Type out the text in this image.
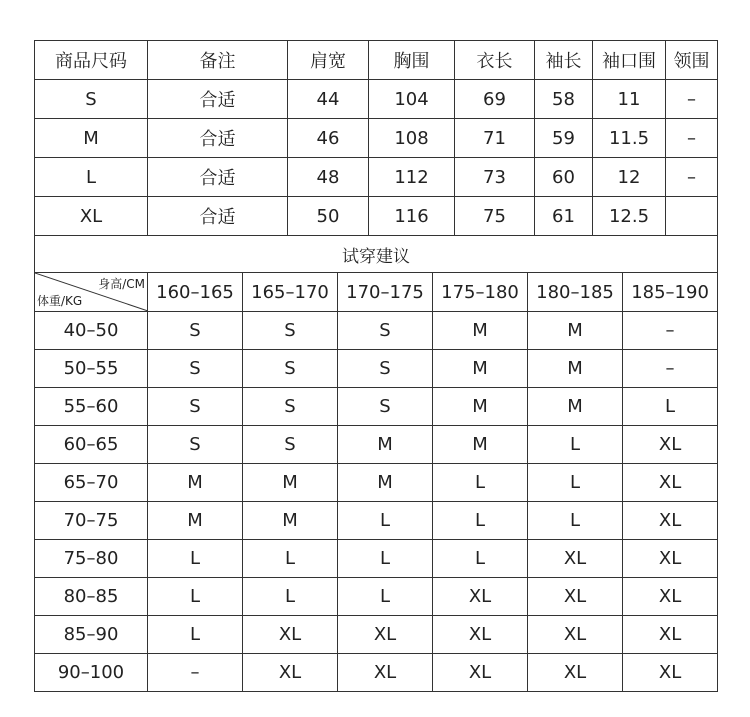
商品尺码	备注	肩宽	胸围	衣长	袖长	袖口围	领围
S	合适	44	104	69	58	11	–
M	合适	46	108	71	59	11.5	–
L	合适	48	112	73	60	12	–
XL	合适	50	116	75	61	12.5	
试穿建议						

身高/CM
体重/KG	160–165	165–170	170–175	175–180	180–185	185–190
40–50	S	S	S	M	M	–
50–55	S	S	S	M	M	–
55–60	S	S	S	M	M	L
60–65	S	S	M	M	L	XL
65–70	M	M	M	L	L	XL
70–75	M	M	L	L	L	XL
75–80	L	L	L	L	XL	XL
80–85	L	L	L	XL	XL	XL
85–90	L	XL	XL	XL	XL	XL
90–100	–	XL	XL	XL	XL	XL
